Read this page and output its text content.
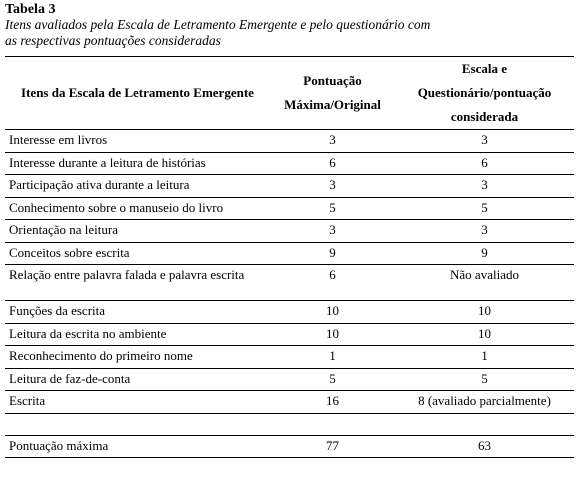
Tabela 3
Itens avaliados pela Escala de Letramento Emergente e pelo questionário com
as respectivas pontuações consideradas
Itens da Escala de Letramento Emergente	Pontuação Máxima/Original	Escala e Questionário/pontuação considerada
Interesse em livros	3	3
Interesse durante a leitura de histórias	6	6
Participação ativa durante a leitura	3	3
Conhecimento sobre o manuseio do livro	5	5
Orientação na leitura	3	3
Conceitos sobre escrita	9	9
Relação entre palavra falada e palavra escrita	6	Não avaliado
Funções da escrita	10	10
Leitura da escrita no ambiente	10	10
Reconhecimento do primeiro nome	1	1
Leitura de faz-de-conta	5	5
Escrita	16	8 (avaliado parcialmente)

Pontuação máxima	77	63
